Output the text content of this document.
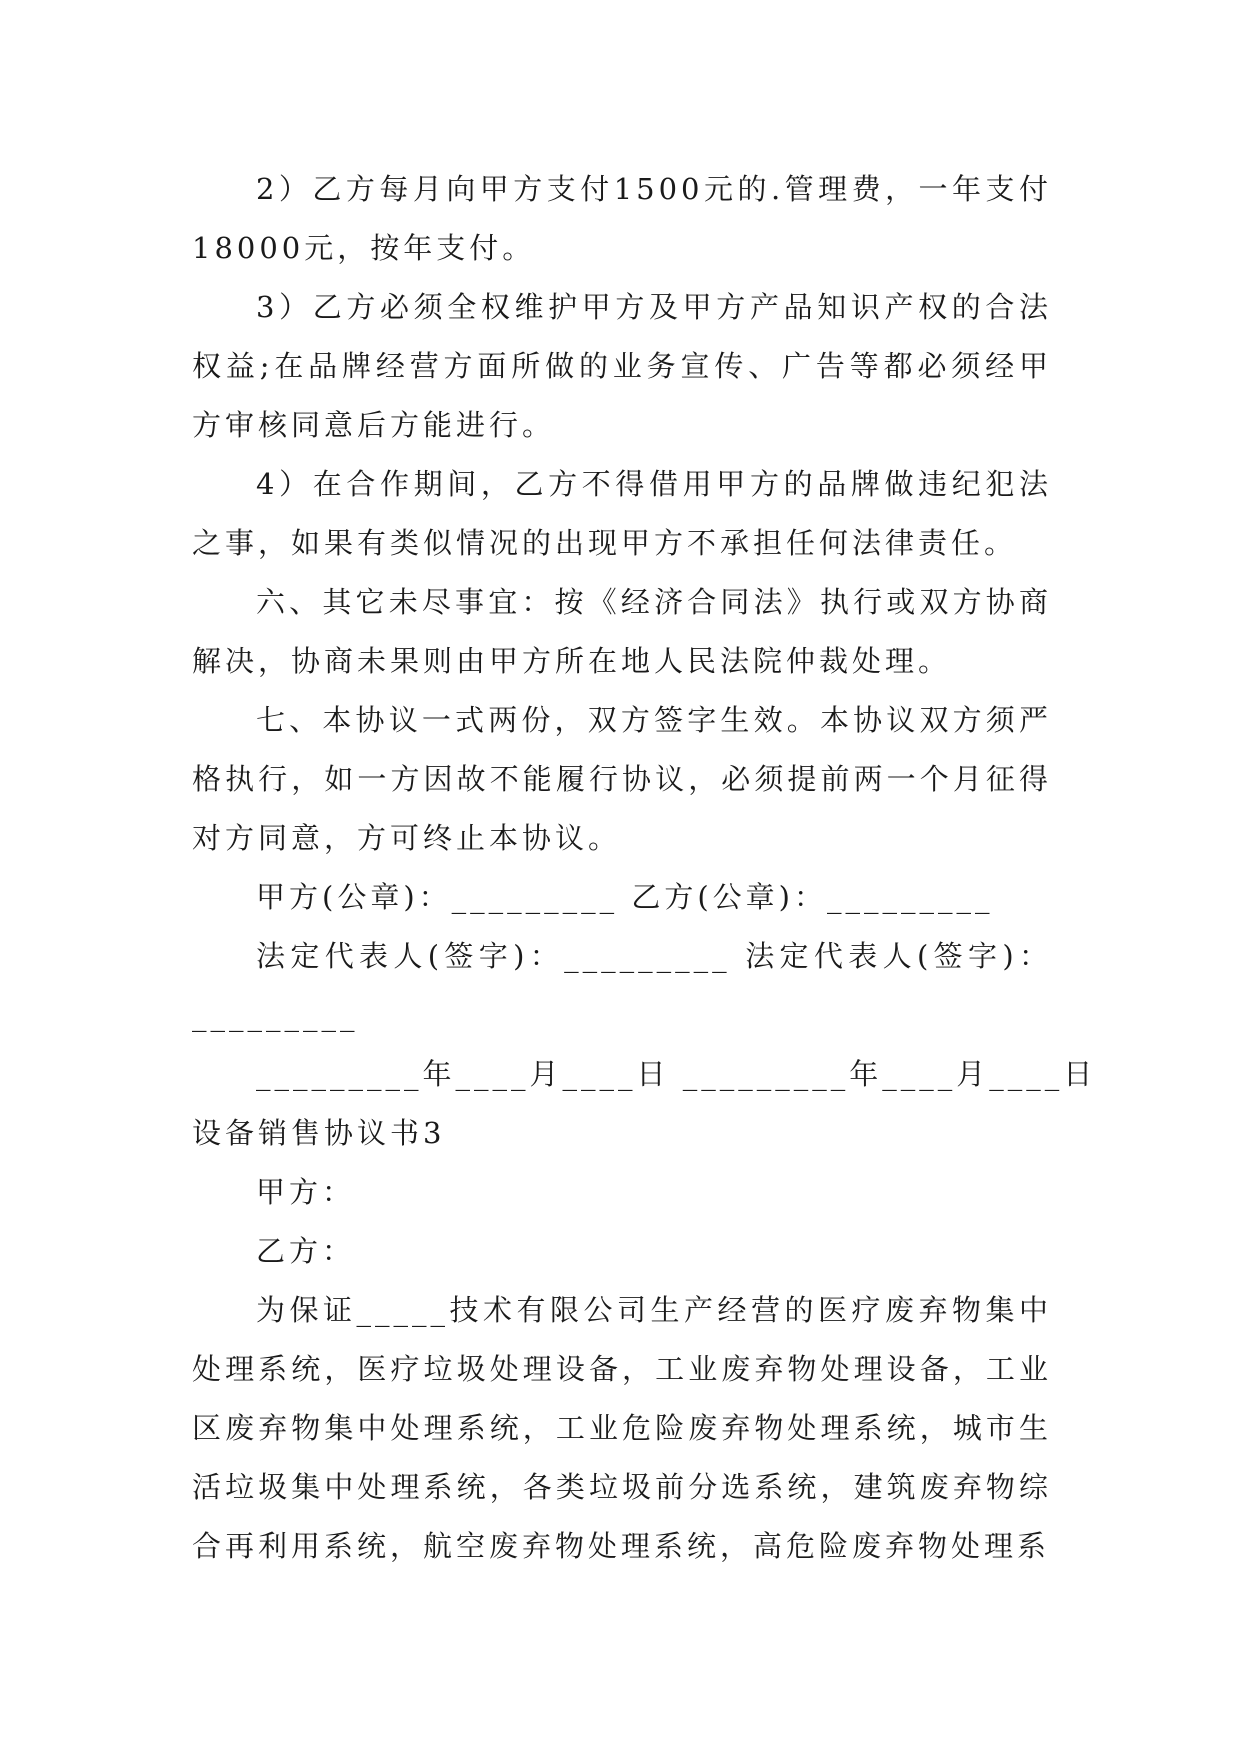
2）乙方每月向甲方支付1500元的.管理费，一年支付18000元，按年支付。

3）乙方必须全权维护甲方及甲方产品知识产权的合法权益;在品牌经营方面所做的业务宣传、广告等都必须经甲方审核同意后方能进行。

4）在合作期间，乙方不得借用甲方的品牌做违纪犯法之事，如果有类似情况的出现甲方不承担任何法律责任。

六、其它未尽事宜：按《经济合同法》执行或双方协商解决，协商未果则由甲方所在地人民法院仲裁处理。

七、本协议一式两份，双方签字生效。本协议双方须严格执行，如一方因故不能履行协议，必须提前两一个月征得对方同意，方可终止本协议。

甲方(公章)：_________ 乙方(公章)：_________

法定代表人(签字)：_________ 法定代表人(签字)：_________

_________年____月____日 _________年____月____日

设备销售协议书3

甲方：

乙方：

为保证_____技术有限公司生产经营的医疗废弃物集中处理系统，医疗垃圾处理设备，工业废弃物处理设备，工业区废弃物集中处理系统，工业危险废弃物处理系统，城市生活垃圾集中处理系统，各类垃圾前分选系统，建筑废弃物综合再利用系统，航空废弃物处理系统，高危险废弃物处理系
